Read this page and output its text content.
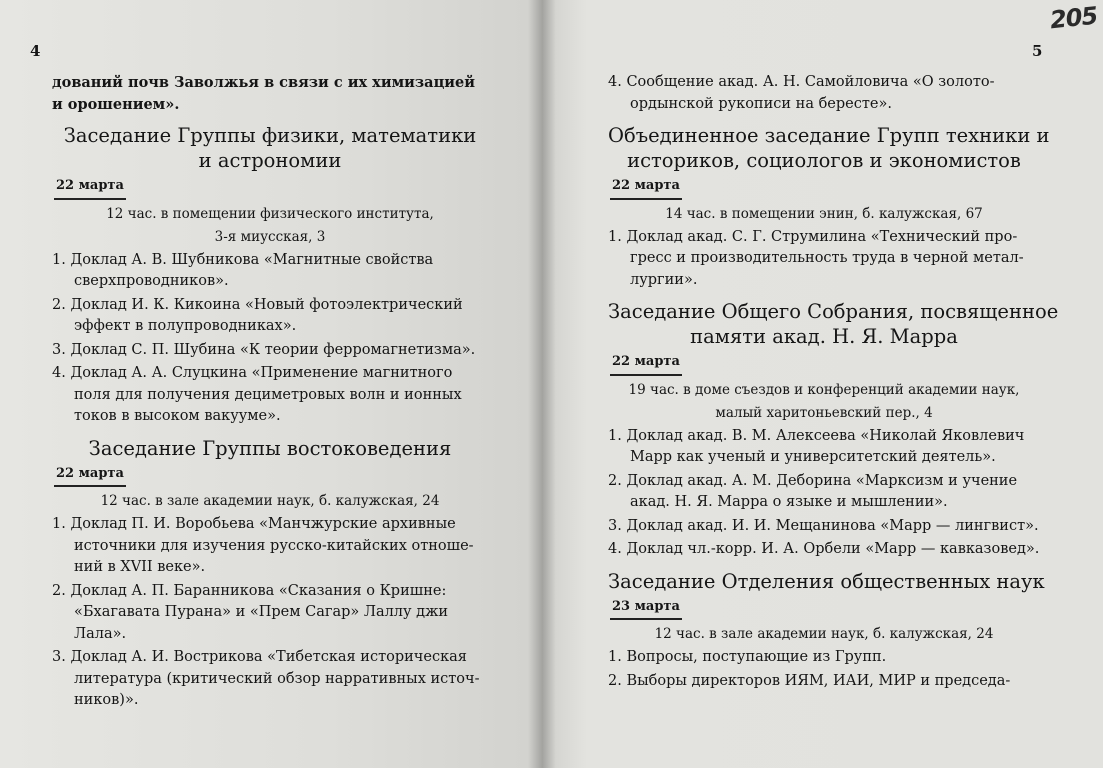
4
дований почв Заволжья в связи с их химизацией
и орошением».
Заседание Группы физики, математики
и астрономии
22 марта
12 час. в помещении физического института,
3-я миусская, 3
1. Доклад А. В. Шубникова «Магнитные свойства
сверхпроводников».
2. Доклад И. К. Кикоина «Новый фотоэлектрический
эффект в полупроводниках».
3. Доклад С. П. Шубина «К теории ферромагнетизма».
4. Доклад А. А. Слуцкина «Применение магнитного
поля для получения дециметровых волн и ионных
токов в высоком вакууме».
Заседание Группы востоковедения
22 марта
12 час. в зале академии наук, б. калужская, 24
1. Доклад П. И. Воробьева «Манчжурские архивные
источники для изучения русско-китайских отноше-
ний в XVII веке».
2. Доклад А. П. Баранникова «Сказания о Кришне:
«Бхагавата Пурана» и «Прем Сагар» Лаллу джи
Лала».
3. Доклад А. И. Вострикова «Тибетская историческая
литература (критический обзор нарративных источ-
ников)».
5
4. Сообщение акад. А. Н. Самойловича «О золото-
ордынской рукописи на бересте».
Объединенное заседание Групп техники и
историков, социологов и экономистов
22 марта
14 час. в помещении энин, б. калужская, 67
1. Доклад акад. С. Г. Струмилина «Технический про-
гресс и производительность труда в черной метал-
лургии».
Заседание Общего Собрания, посвященное
памяти акад. Н. Я. Марра
22 марта
19 час. в доме съездов и конференций академии наук,
малый харитоньевский пер., 4
1. Доклад акад. В. М. Алексеева «Николай Яковлевич
Марр как ученый и университетский деятель».
2. Доклад акад. А. М. Деборина «Марксизм и учение
акад. Н. Я. Марра о языке и мышлении».
3. Доклад акад. И. И. Мещанинова «Марр — лингвист».
4. Доклад чл.-корр. И. А. Орбели «Марр — кавказовед».
Заседание Отделения общественных наук
23 марта
12 час. в зале академии наук, б. калужская, 24
1. Вопросы, поступающие из Групп.
2. Выборы директоров ИЯМ, ИАИ, МИР и председа-
205
